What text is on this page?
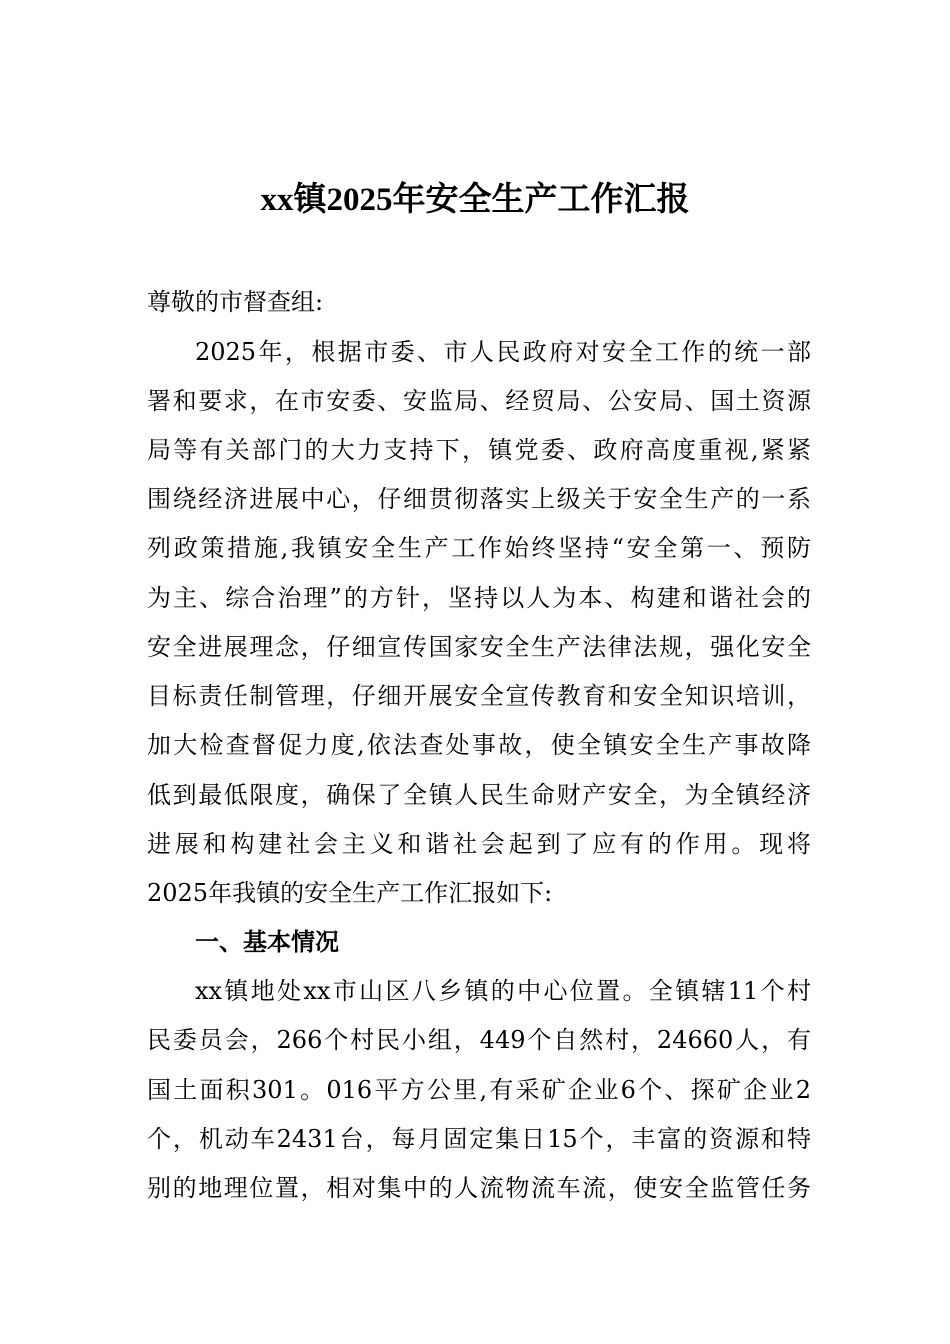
xx镇2025年安全生产工作汇报
尊敬的市督查组:
2025年，根据市委、市人民政府对安全工作的统一部
署和要求，在市安委、安监局、经贸局、公安局、国土资源
局等有关部门的大力支持下，镇党委、政府高度重视,紧紧
围绕经济进展中心，仔细贯彻落实上级关于安全生产的一系
列政策措施,我镇安全生产工作始终坚持“安全第一、预防
为主、综合治理”的方针，坚持以人为本、构建和谐社会的
安全进展理念，仔细宣传国家安全生产法律法规，强化安全
目标责任制管理，仔细开展安全宣传教育和安全知识培训，
加大检查督促力度,依法查处事故，使全镇安全生产事故降
低到最低限度，确保了全镇人民生命财产安全，为全镇经济
进展和构建社会主义和谐社会起到了应有的作用。现将
2025年我镇的安全生产工作汇报如下:
一、基本情况
xx镇地处xx市山区八乡镇的中心位置。全镇辖11个村
民委员会，266个村民小组，449个自然村，24660人，有
国土面积301。016平方公里,有采矿企业6个、探矿企业2
个，机动车2431台，每月固定集日15个，丰富的资源和特
别的地理位置，相对集中的人流物流车流，使安全监管任务
